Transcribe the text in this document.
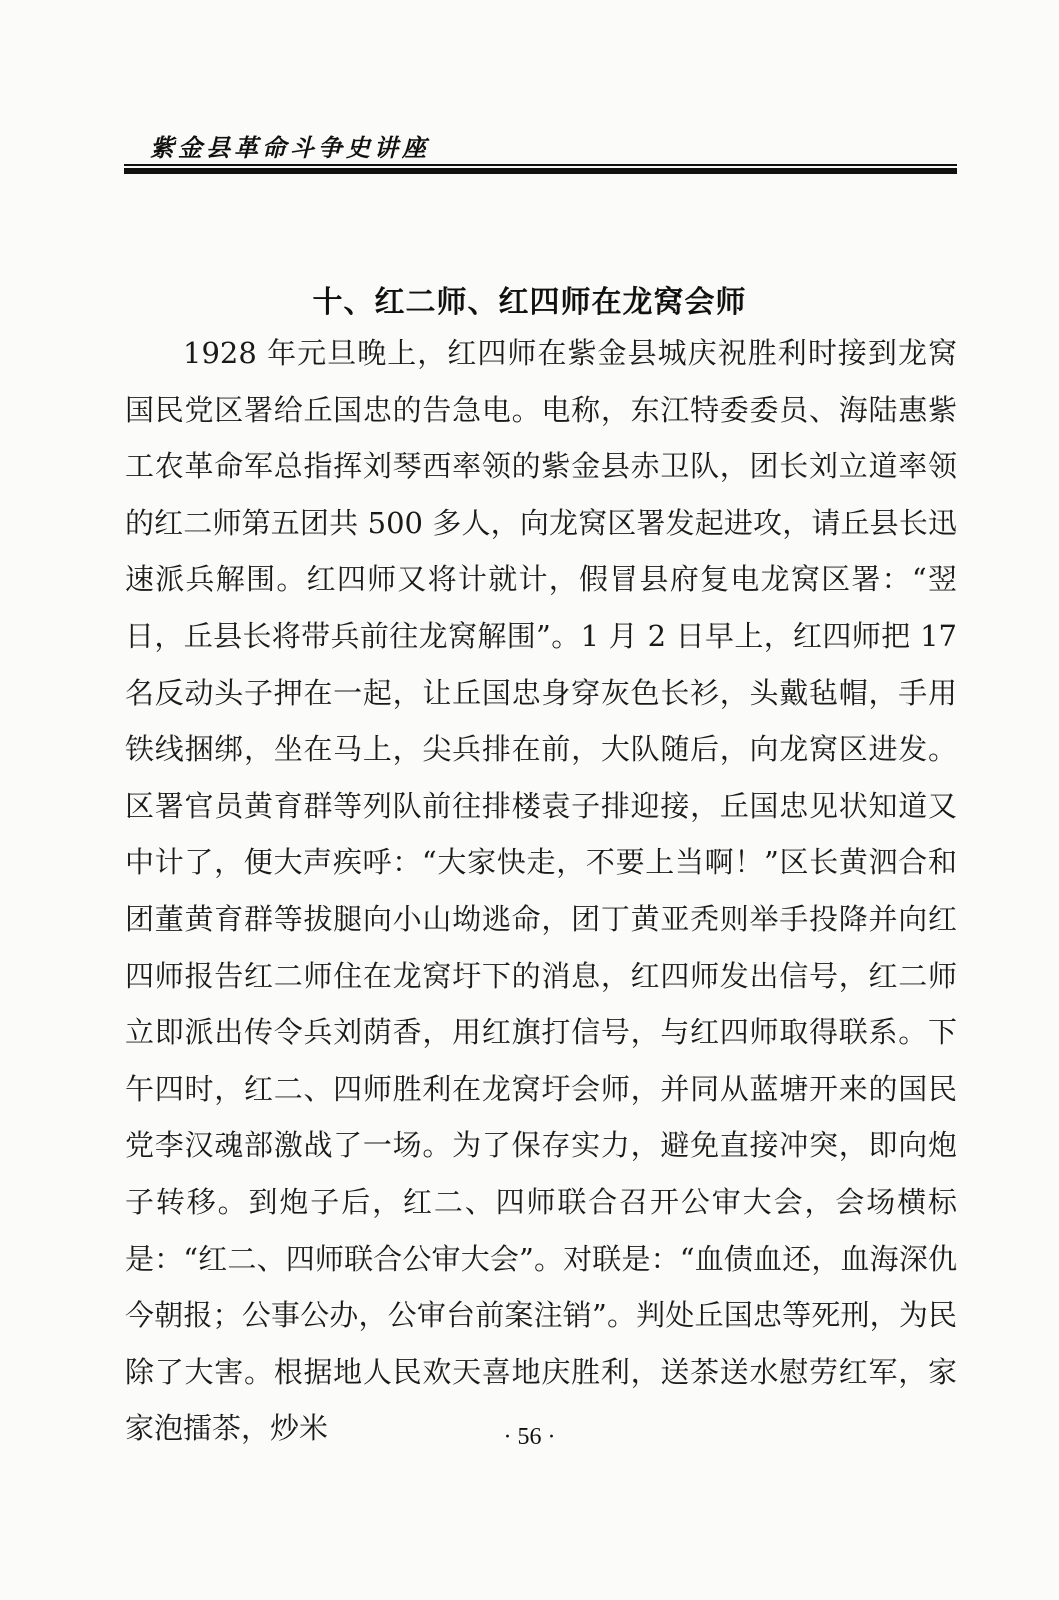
紫金县革命斗争史讲座
十、红二师、红四师在龙窝会师

1928 年元旦晚上，红四师在紫金县城庆祝胜利时接到龙窝国民党区署给丘国忠的告急电。电称，东江特委委员、海陆惠紫工农革命军总指挥刘琴西率领的紫金县赤卫队，团长刘立道率领的红二师第五团共 500 多人，向龙窝区署发起进攻，请丘县长迅速派兵解围。红四师又将计就计，假冒县府复电龙窝区署：“翌日，丘县长将带兵前往龙窝解围”。1 月 2 日早上，红四师把 17 名反动头子押在一起，让丘国忠身穿灰色长衫，头戴毡帽，手用铁线捆绑，坐在马上，尖兵排在前，大队随后，向龙窝区进发。区署官员黄育群等列队前往排楼袁子排迎接，丘国忠见状知道又中计了，便大声疾呼：“大家快走，不要上当啊！”区长黄泗合和团董黄育群等拔腿向小山坳逃命，团丁黄亚秃则举手投降并向红四师报告红二师住在龙窝圩下的消息，红四师发出信号，红二师立即派出传令兵刘荫香，用红旗打信号，与红四师取得联系。下午四时，红二、四师胜利在龙窝圩会师，并同从蓝塘开来的国民党李汉魂部激战了一场。为了保存实力，避免直接冲突，即向炮子转移。到炮子后，红二、四师联合召开公审大会，会场横标是：“红二、四师联合公审大会”。对联是：“血债血还，血海深仇今朝报；公事公办，公审台前案注销”。判处丘国忠等死刑，为民除了大害。根据地人民欢天喜地庆胜利，送茶送水慰劳红军，家家泡擂茶，炒米	· 56 ·
